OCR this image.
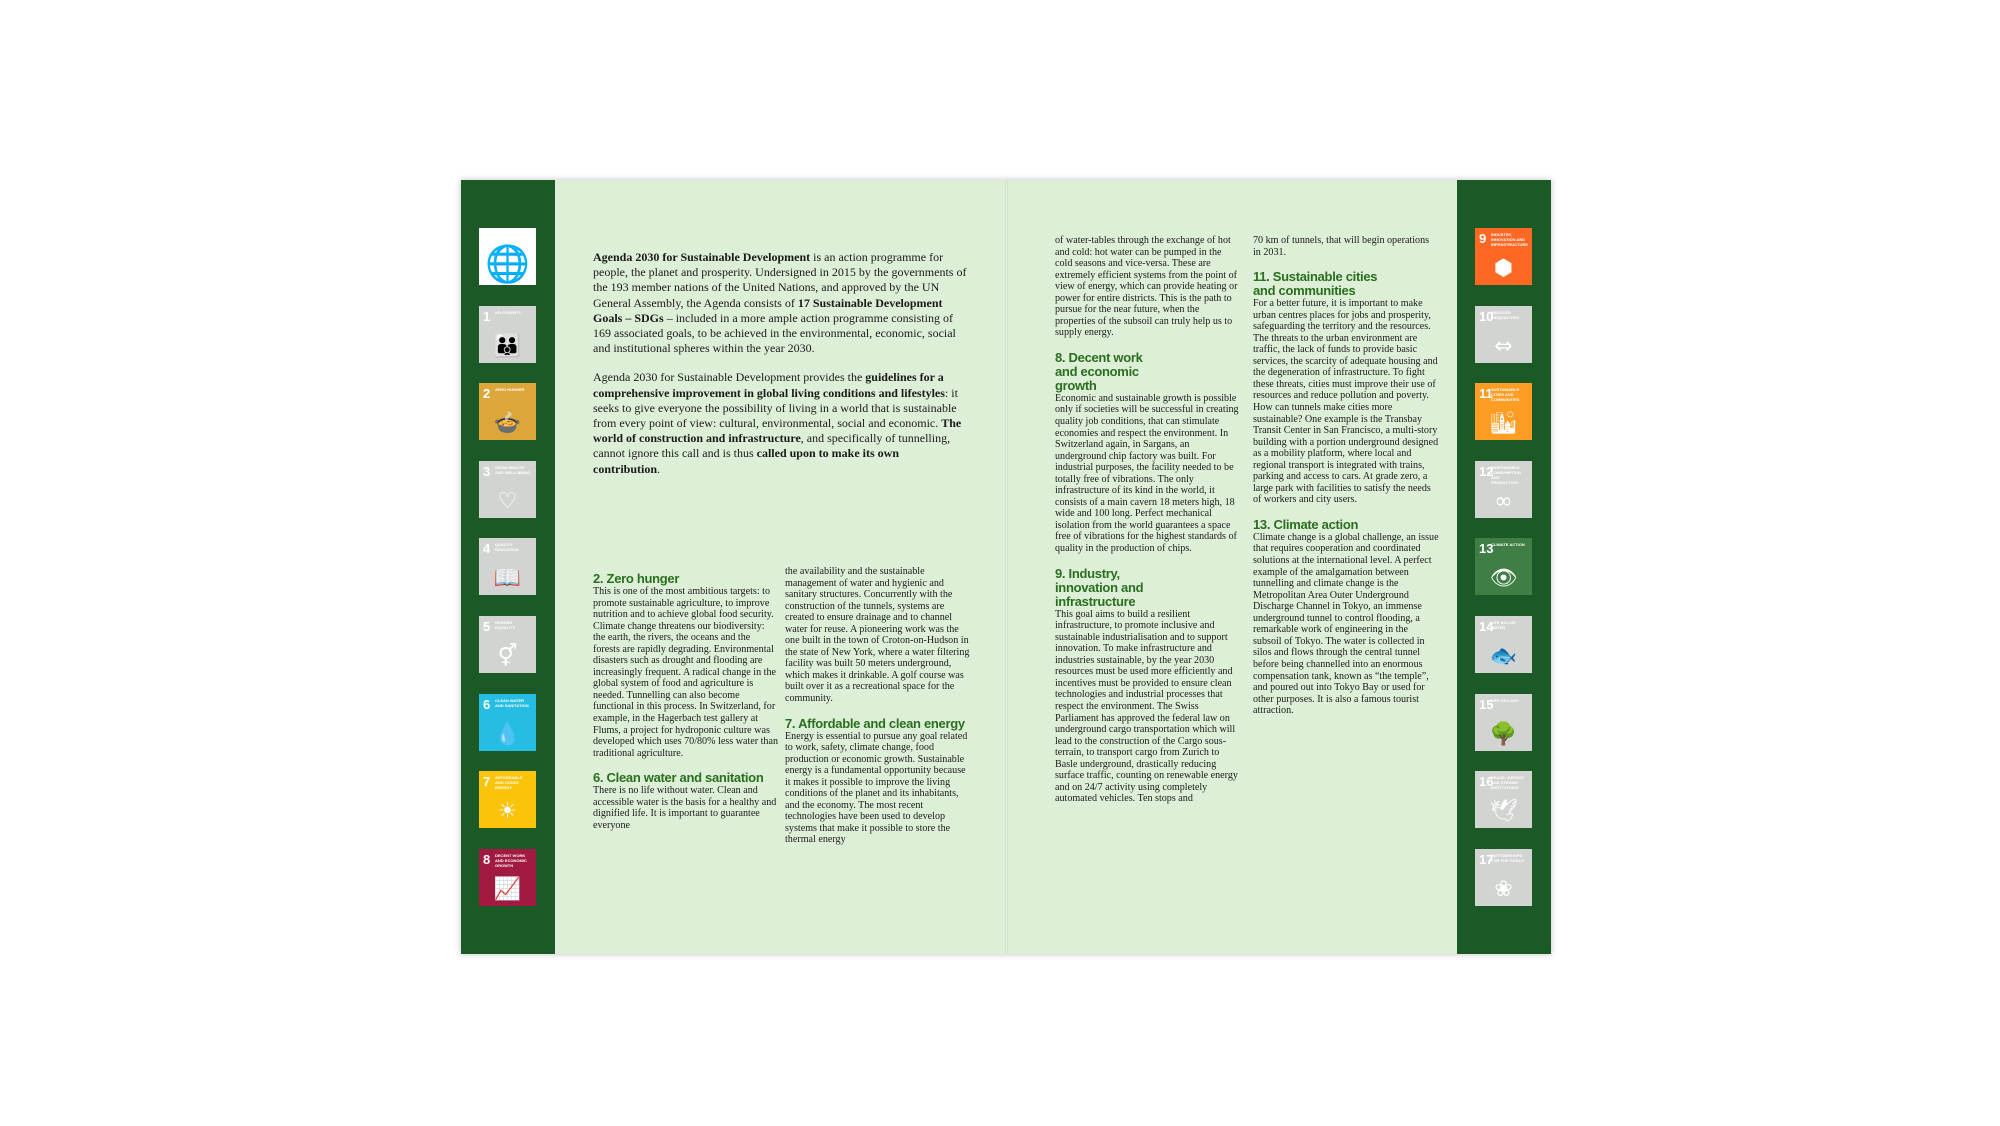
🌐
1 NO POVERTY
👪
2 ZERO HUNGER
🍲
3 GOOD HEALTH AND WELL-BEING
♡
4 QUALITY EDUCATION
📖
5 GENDER EQUALITY
⚥
6 CLEAN WATER AND SANITATION
💧
7 AFFORDABLE AND CLEAN ENERGY
☀
8 DECENT WORK AND ECONOMIC GROWTH
📈
9 INDUSTRY, INNOVATION AND INFRASTRUCTURE
⬢
10
REDUCED INEQUALITIES
⇔
11
SUSTAINABLE CITIES AND COMMUNITIES
🏙
12
RESPONSIBLE CONSUMPTION AND PRODUCTION
∞
13
CLIMATE ACTION
👁
14
LIFE BELOW WATER
🐟
15
LIFE ON LAND
🌳
16
PEACE, JUSTICE AND STRONG INSTITUTIONS
🕊
17
PARTNERSHIPS FOR THE GOALS
❀

Agenda 2030 for Sustainable Development is an action programme for people, the planet and prosperity. Undersigned in 2015 by the governments of the 193 member nations of the United Nations, and approved by the UN General Assembly, the Agenda consists of 17 Sustainable Development Goals – SDGs – included in a more ample action programme consisting of 169 associated goals, to be achieved in the environmental, economic, social and institutional spheres within the year 2030.

Agenda 2030 for Sustainable Development provides the guidelines for a comprehensive improvement in global living conditions and lifestyles: it seeks to give everyone the possibility of living in a world that is sustainable from every point of view: cultural, environmental, social and economic. The world of construction and infrastructure, and specifically of tunnelling, cannot ignore this call and is thus called upon to make its own contribution.

2. Zero hunger

This is one of the most ambitious targets: to promote sustainable agriculture, to improve nutrition and to achieve global food security. Climate change threatens our biodiversity: the earth, the rivers, the oceans and the forests are rapidly degrading. Environmental disasters such as drought and flooding are increasingly frequent. A radical change in the global system of food and agriculture is needed. Tunnelling can also become functional in this process. In Switzerland, for example, in the Hagerbach test gallery at Flums, a project for hydroponic culture was developed which uses 70/80% less water than traditional agriculture.

6. Clean water and sanitation

There is no life without water. Clean and accessible water is the basis for a healthy and dignified life. It is important to guarantee everyone

the availability and the sustainable management of water and hygienic and sanitary structures. Concurrently with the construction of the tunnels, systems are created to ensure drainage and to channel water for reuse. A pioneering work was the one built in the town of Croton-on-Hudson in the state of New York, where a water filtering facility was built 50 meters underground, which makes it drinkable. A golf course was built over it as a recreational space for the community.

7. Affordable and clean energy

Energy is essential to pursue any goal related to work, safety, climate change, food production or economic growth. Sustainable energy is a fundamental opportunity because it makes it possible to improve the living conditions of the planet and its inhabitants, and the economy. The most recent technologies have been used to develop systems that make it possible to store the thermal energy

of water-tables through the exchange of hot and cold: hot water can be pumped in the cold seasons and vice-versa. These are extremely efficient systems from the point of view of energy, which can provide heating or power for entire districts. This is the path to pursue for the near future, when the properties of the subsoil can truly help us to supply energy.

8. Decent work and economic growth

Economic and sustainable growth is possible only if societies will be successful in creating quality job conditions, that can stimulate economies and respect the environment. In Switzerland again, in Sargans, an underground chip factory was built. For industrial purposes, the facility needed to be totally free of vibrations. The only infrastructure of its kind in the world, it consists of a main cavern 18 meters high, 18 wide and 100 long. Perfect mechanical isolation from the world guarantees a space free of vibrations for the highest standards of quality in the production of chips.

9. Industry, innovation and infrastructure

This goal aims to build a resilient infrastructure, to promote inclusive and sustainable industrialisation and to support innovation. To make infrastructure and industries sustainable, by the year 2030 resources must be used more efficiently and incentives must be provided to ensure clean technologies and industrial processes that respect the environment. The Swiss Parliament has approved the federal law on underground cargo transportation which will lead to the construction of the Cargo sous-terrain, to transport cargo from Zurich to Basle underground, drastically reducing surface traffic, counting on renewable energy and on 24/7 activity using completely automated vehicles. Ten stops and

70 km of tunnels, that will begin operations in 2031.

11. Sustainable cities and communities

For a better future, it is important to make urban centres places for jobs and prosperity, safeguarding the territory and the resources. The threats to the urban environment are traffic, the lack of funds to provide basic services, the scarcity of adequate housing and the degeneration of infrastructure. To fight these threats, cities must improve their use of resources and reduce pollution and poverty. How can tunnels make cities more sustainable? One example is the Transbay Transit Center in San Francisco, a multi-story building with a portion underground designed as a mobility platform, where local and regional transport is integrated with trains, parking and access to cars. At grade zero, a large park with facilities to satisfy the needs of workers and city users.

13. Climate action

Climate change is a global challenge, an issue that requires cooperation and coordinated solutions at the international level. A perfect example of the amalgamation between tunnelling and climate change is the Metropolitan Area Outer Underground Discharge Channel in Tokyo, an immense underground tunnel to control flooding, a remarkable work of engineering in the subsoil of Tokyo. The water is collected in silos and flows through the central tunnel before being channelled into an enormous compensation tank, known as “the temple”, and poured out into Tokyo Bay or used for other purposes. It is also a famous tourist attraction.
